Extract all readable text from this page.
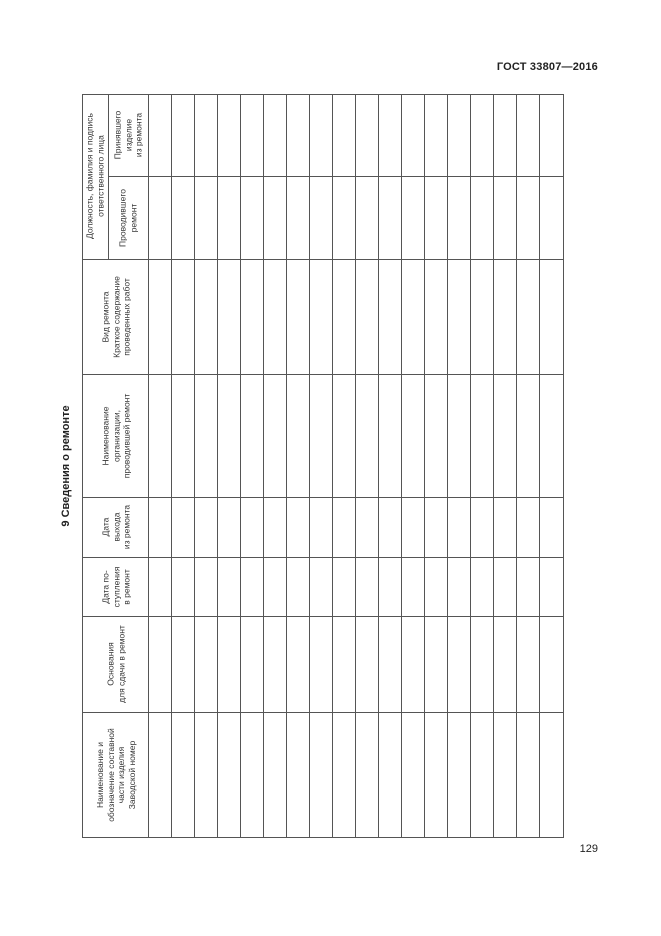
ГОСТ 33807—2016
9 Сведения о ремонте
Наименование и
обозначение составной
части изделия
Заводской номер
Основания
для сдачи в ремонт
Дата по-
ступления
в ремонт
Дата
выхода
из ремонта
Наименование
организации,
проводившей ремонт
Вид ремонта
Краткое содержание
проведенных работ
Должность, фамилия и подпись
ответственного лица
Проводившего
ремонт
Принявшего
изделие
из ремонта
129
